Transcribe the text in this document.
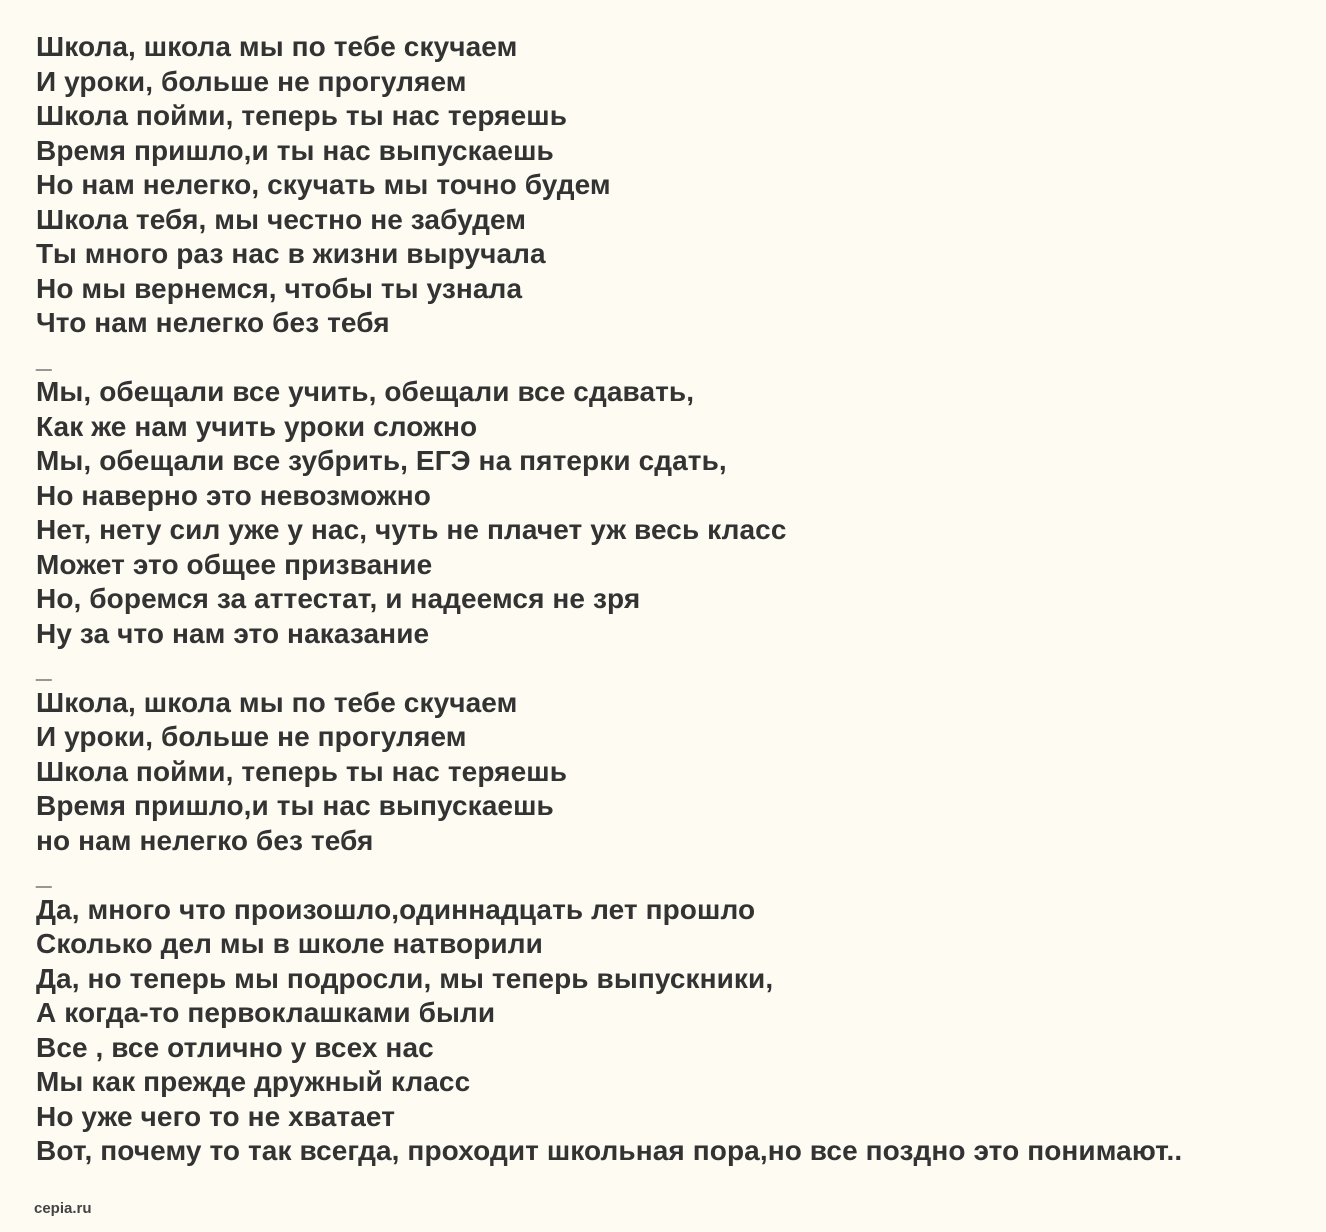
Школа, школа мы по тебе скучаем
И уроки, больше не прогуляем
Школа пойми, теперь ты нас теряешь
Время пришло,и ты нас выпускаешь
Но нам нелегко, скучать мы точно будем
Школа тебя, мы честно не забудем
Ты много раз нас в жизни выручала
Но мы вернемся, чтобы ты узнала
Что нам нелегко без тебя
_
Мы, обещали все учить, обещали все сдавать,
Как же нам учить уроки сложно
Мы, обещали все зубрить, ЕГЭ на пятерки сдать,
Но наверно это невозможно
Нет, нету сил уже у нас, чуть не плачет уж весь класс
Может это общее призвание
Но, боремся за аттестат, и надеемся не зря
Ну за что нам это наказание
_
Школа, школа мы по тебе скучаем
И уроки, больше не прогуляем
Школа пойми, теперь ты нас теряешь
Время пришло,и ты нас выпускаешь
но нам нелегко без тебя
_
Да, много что произошло,одиннадцать лет прошло
Сколько дел мы в школе натворили
Да, но теперь мы подросли, мы теперь выпускники,
А когда-то первоклашками были
Все , все отлично у всех нас
Мы как прежде дружный класс
Но уже чего то не хватает
Вот, почему то так всегда, проходит школьная пора,но все поздно это понимают..
cepia.ru
